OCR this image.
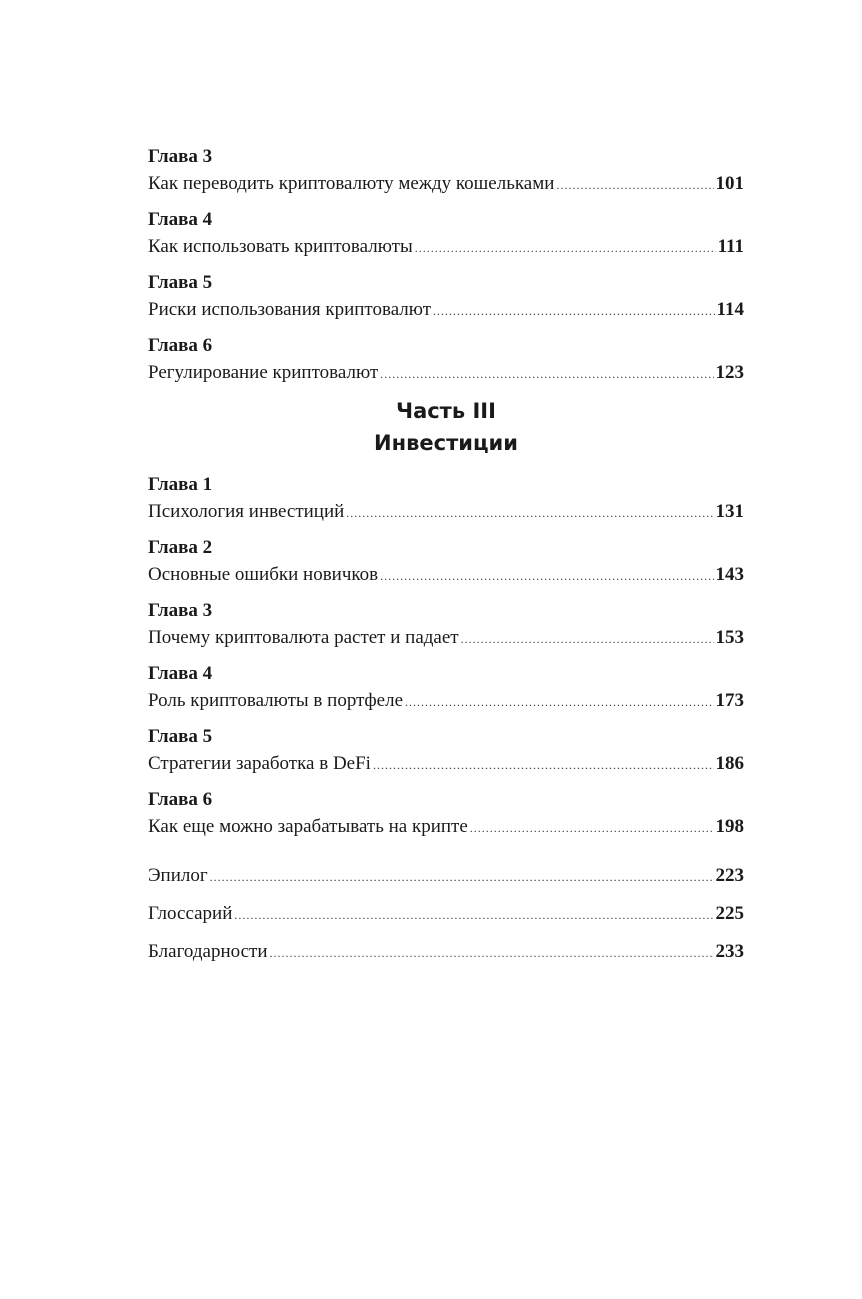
Глава 3
Как переводить криптовалюту между кошельками .....	101
Глава 4
Как использовать криптовалюты .....	111
Глава 5
Риски использования криптовалют .....	114
Глава 6
Регулирование криптовалют .....	123
Часть III
Инвестиции
Глава 1
Психология инвестиций .....	131
Глава 2
Основные ошибки новичков .....	143
Глава 3
Почему криптовалюта растет и падает .....	153
Глава 4
Роль криптовалюты в портфеле .....	173
Глава 5
Стратегии заработка в DeFi .....	186
Глава 6
Как еще можно зарабатывать на крипте .....	198
Эпилог .....	223
Глоссарий .....	225
Благодарности .....	233
